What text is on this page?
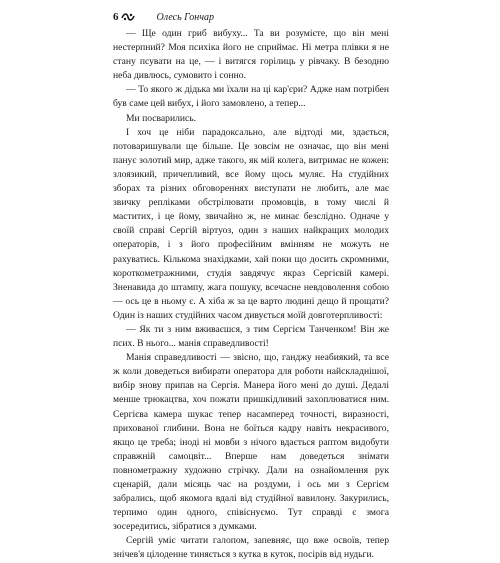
6	Олесь Гончар

— Ще один гриб вибуху... Та ви розумієте, що він мені нестерпний? Моя психіка його не сприймає. Ні метра плівки я не стану псувати на це, — і витягся горілиць у рівчаку. В безодню неба дивлюсь, сумовито і сонно.

— То якого ж дідька ми їхали на ці кар'єри? Адже нам потрібен був саме цей вибух, і його замовлено, а тепер...

Ми посварились.

І хоч це ніби парадоксально, але відтоді ми, здається, потоваришували ще більше. Це зовсім не означає, що він мені панує золотий мир, адже такого, як мій колега, витримає не кожен: злоязикий, причепливий, все йому щось муляє. На студійних зборах та різних обговореннях виступати не любить, але має звичку репліками обстрілювати промовців, в тому числі й маститих, і це йому, звичайно ж, не минає безслідно. Одначе у своїй справі Сергій віртуоз, один з наших найкращих молодих операторів, і з його професійним вмінням не можуть не рахуватись. Кількома знахідками, хай поки що досить скромними, короткометражними, студія завдячує якраз Сергієвій камері. Зненавида до штампу, жага пошуку, всечасне невдоволення собою — ось це в ньому є. А хіба ж за це варто людині дещо й прощати? Один із наших студійних часом дивується моїй довготерпливості:

— Як ти з ним вживаєшся, з тим Сергієм Танченком! Він же псих. В нього... манія справедливості!

Манія справедливості — звісно, що, ганджу неабиякий, та все ж коли доведеться вибирати оператора для роботи найскладнішої, вибір знову припав на Сергія. Манера його мені до душі. Дедалі менше трюкацтва, хоч пожати пришкідливий захоплюватися ним. Сергієва камера шукає тепер насамперед точності, виразності, прихованої глибини. Вона не боїться кадру навіть некрасивого, якщо це треба; іноді ні мовби з нічого вдається раптом видобути справжній самоцвіт... Вперше нам доведеться знімати повнометражну художню стрічку. Дали на ознайомлення рук сценарій, дали місяць час на роздуми, і ось ми з Сергієм забрались, щоб якомога вдалі від студійної вавилону. Закурились, терпимо один одного, співіснуємо. Тут справді є змога зосередитись, зібратися з думками.

Сергій уміє читати галопом, запевняє, що вже освоїв, тепер знічев'я цілоденне тиняється з кутка в куток, посірів від нудьги.
